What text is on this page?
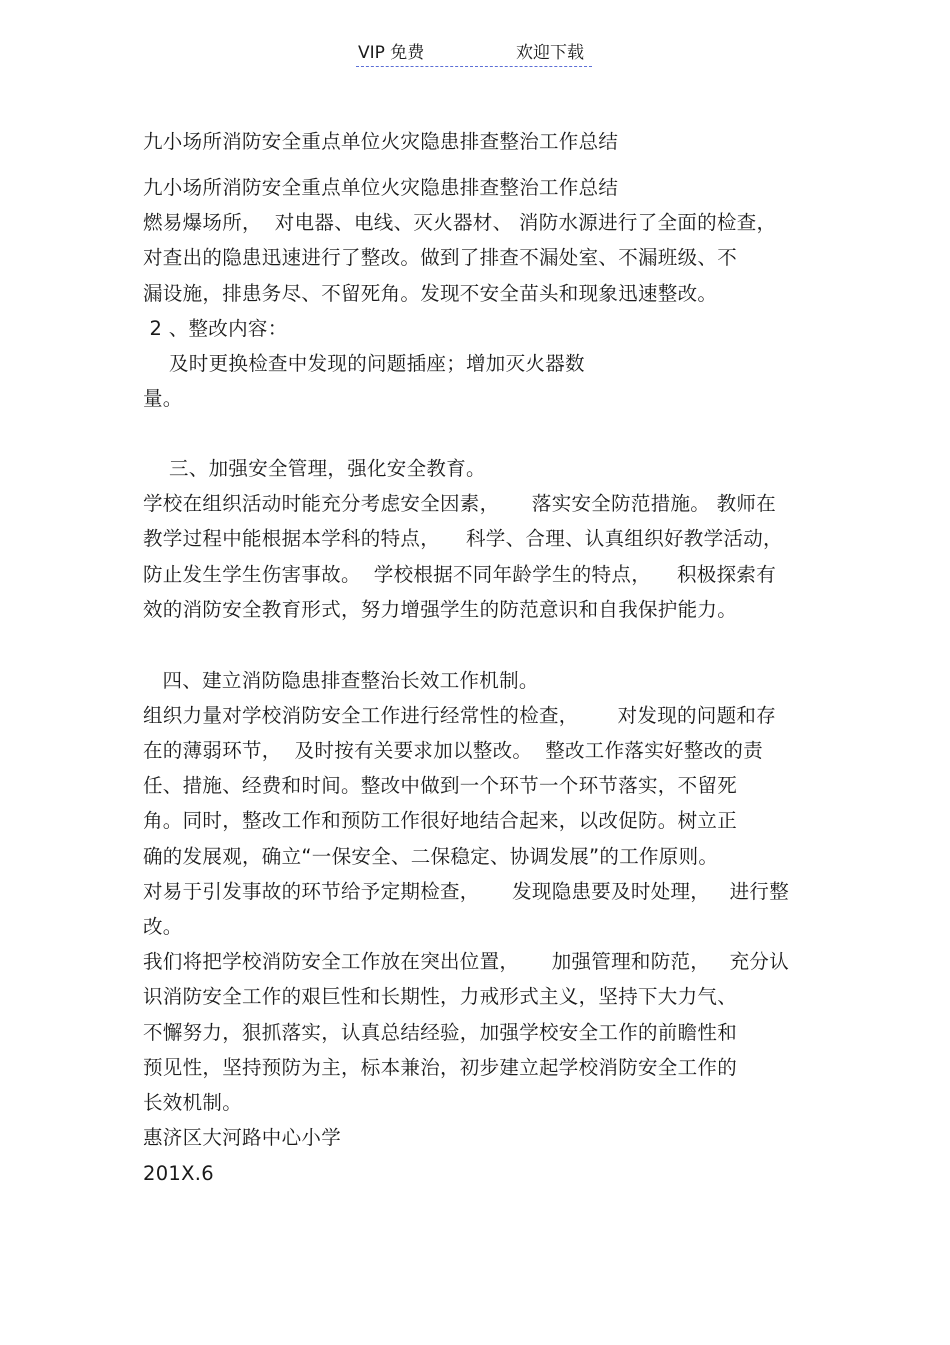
VIP 免费	欢迎下载
九小场所消防安全重点单位火灾隐患排查整治工作总结
九小场所消防安全重点单位火灾隐患排查整治工作总结
燃易爆场所，  对电器、电线、灭火器材、 消防水源进行了全面的检查，
对查出的隐患迅速进行了整改。做到了排查不漏处室、不漏班级、不
漏设施，排患务尽、不留死角。发现不安全苗头和现象迅速整改。
2 、整改内容：
及时更换检查中发现的问题插座；增加灭火器数
量。
三、加强安全管理，强化安全教育。
学校在组织活动时能充分考虑安全因素，     落实安全防范措施。 教师在
教学过程中能根据本学科的特点，    科学、合理、认真组织好教学活动，
防止发生学生伤害事故。  学校根据不同年龄学生的特点，    积极探索有
效的消防安全教育形式，努力增强学生的防范意识和自我保护能力。
四、建立消防隐患排查整治长效工作机制。
组织力量对学校消防安全工作进行经常性的检查，      对发现的问题和存
在的薄弱环节，  及时按有关要求加以整改。  整改工作落实好整改的责
任、措施、经费和时间。整改中做到一个环节一个环节落实，不留死
角。同时，整改工作和预防工作很好地结合起来，以改促防。树立正
确的发展观，确立“一保安全、二保稳定、协调发展”的工作原则。
对易于引发事故的环节给予定期检查，     发现隐患要及时处理，   进行整
改。
我们将把学校消防安全工作放在突出位置，     加强管理和防范，   充分认
识消防安全工作的艰巨性和长期性，力戒形式主义，坚持下大力气、
不懈努力，狠抓落实，认真总结经验，加强学校安全工作的前瞻性和
预见性，坚持预防为主，标本兼治，初步建立起学校消防安全工作的
长效机制。
惠济区大河路中心小学
201X.6
